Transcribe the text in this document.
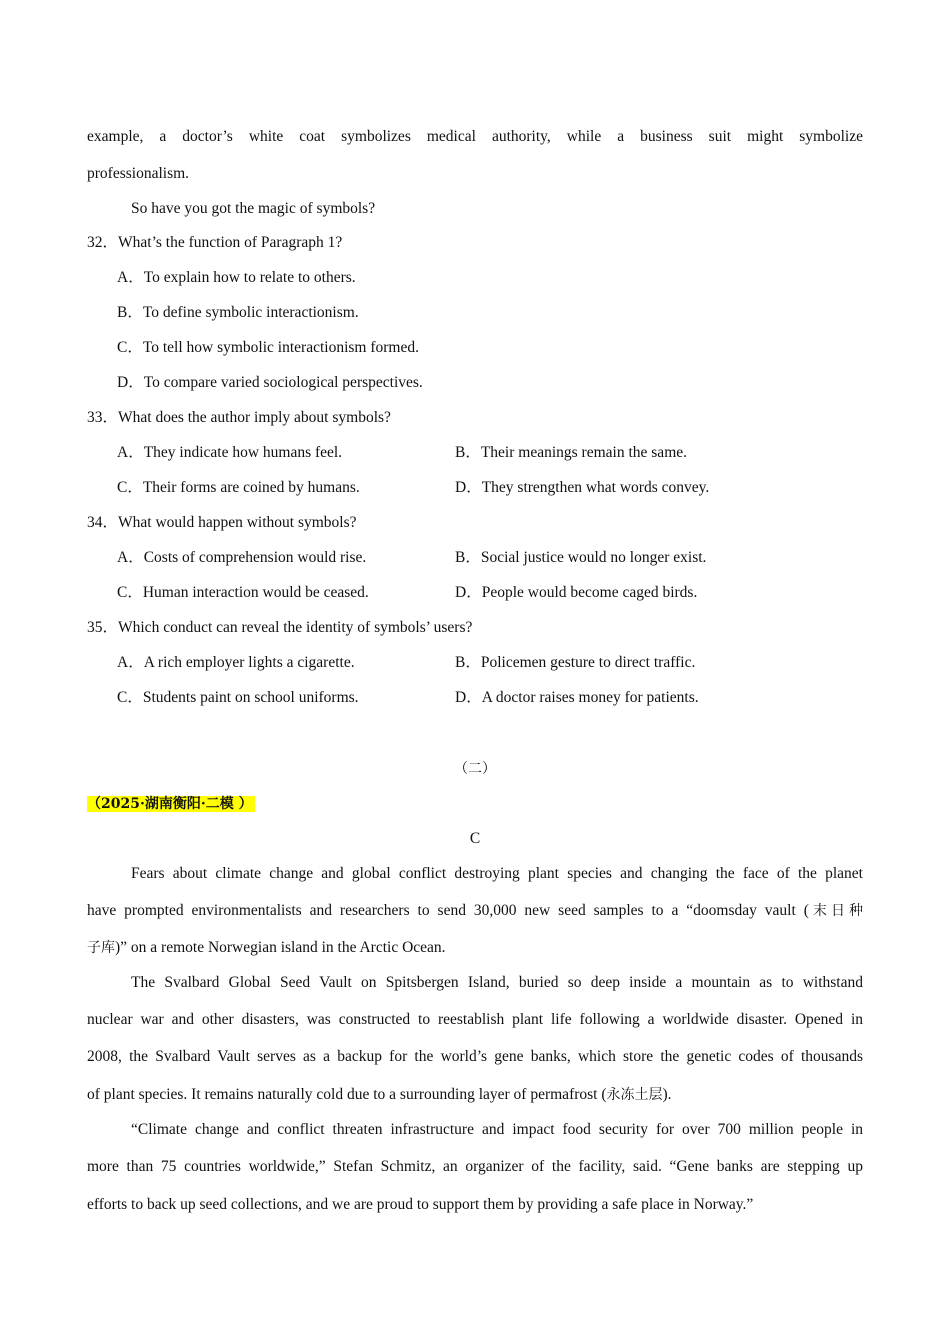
example, a doctor’s white coat symbolizes medical authority, while a business suit might symbolize
professionalism.
So have you got the magic of symbols?
32．What’s the function of Paragraph 1?
A．To explain how to relate to others.
B．To define symbolic interactionism.
C．To tell how symbolic interactionism formed.
D．To compare varied sociological perspectives.
33．What does the author imply about symbols?
A．They indicate how humans feel.	B．Their meanings remain the same.
C．Their forms are coined by humans.	D．They strengthen what words convey.
34．What would happen without symbols?
A．Costs of comprehension would rise.	B．Social justice would no longer exist.
C．Human interaction would be ceased.	D．People would become caged birds.
35．Which conduct can reveal the identity of symbols’ users?
A．A rich employer lights a cigarette.	B．Policemen gesture to direct traffic.
C．Students paint on school uniforms.	D．A doctor raises money for patients.
（二）
（2025·湖南衡阳·二模 ）
C
Fears about climate change and global conflict destroying plant species and changing the face of the planet
have prompted environmentalists and researchers to send 30,000 new seed samples to a “doomsday vault (末日种
子库)” on a remote Norwegian island in the Arctic Ocean.
The Svalbard Global Seed Vault on Spitsbergen Island, buried so deep inside a mountain as to withstand
nuclear war and other disasters, was constructed to reestablish plant life following a worldwide disaster. Opened in
2008, the Svalbard Vault serves as a backup for the world’s gene banks, which store the genetic codes of thousands
of plant species. It remains naturally cold due to a surrounding layer of permafrost (永冻土层).
“Climate change and conflict threaten infrastructure and impact food security for over 700 million people in
more than 75 countries worldwide,” Stefan Schmitz, an organizer of the facility, said. “Gene banks are stepping up
efforts to back up seed collections, and we are proud to support them by providing a safe place in Norway.”
